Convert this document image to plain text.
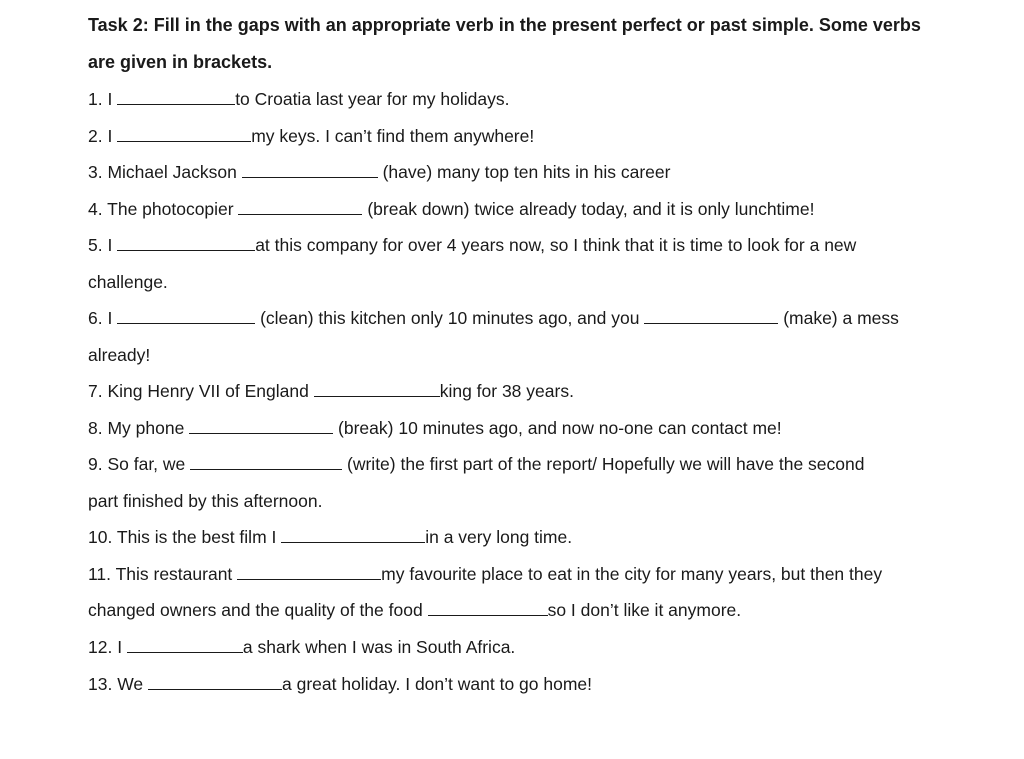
Task 2: Fill in the gaps with an appropriate verb in the present perfect or past simple. Some verbs
are given in brackets.
1. I	to Croatia last year for my holidays.
2. I	my keys. I can’t find them anywhere!
3. Michael Jackson	(have) many top ten hits in his career
4. The photocopier	(break down) twice already today, and it is only lunchtime!
5. I	at this company for over 4 years now, so I think that it is time to look for a new
challenge.
6. I	(clean) this kitchen only 10 minutes ago, and you	(make) a mess
already!
7. King Henry VII of England	king for 38 years.
8. My phone	(break) 10 minutes ago, and now no-one can contact me!
9. So far, we	(write) the first part of the report/ Hopefully we will have the second
part finished by this afternoon.
10. This is the best film I	in a very long time.
11. This restaurant	my favourite place to eat in the city for many years, but then they
changed owners and the quality of the food	so I don’t like it anymore.
12. I	a shark when I was in South Africa.
13. We	a great holiday. I don’t want to go home!
